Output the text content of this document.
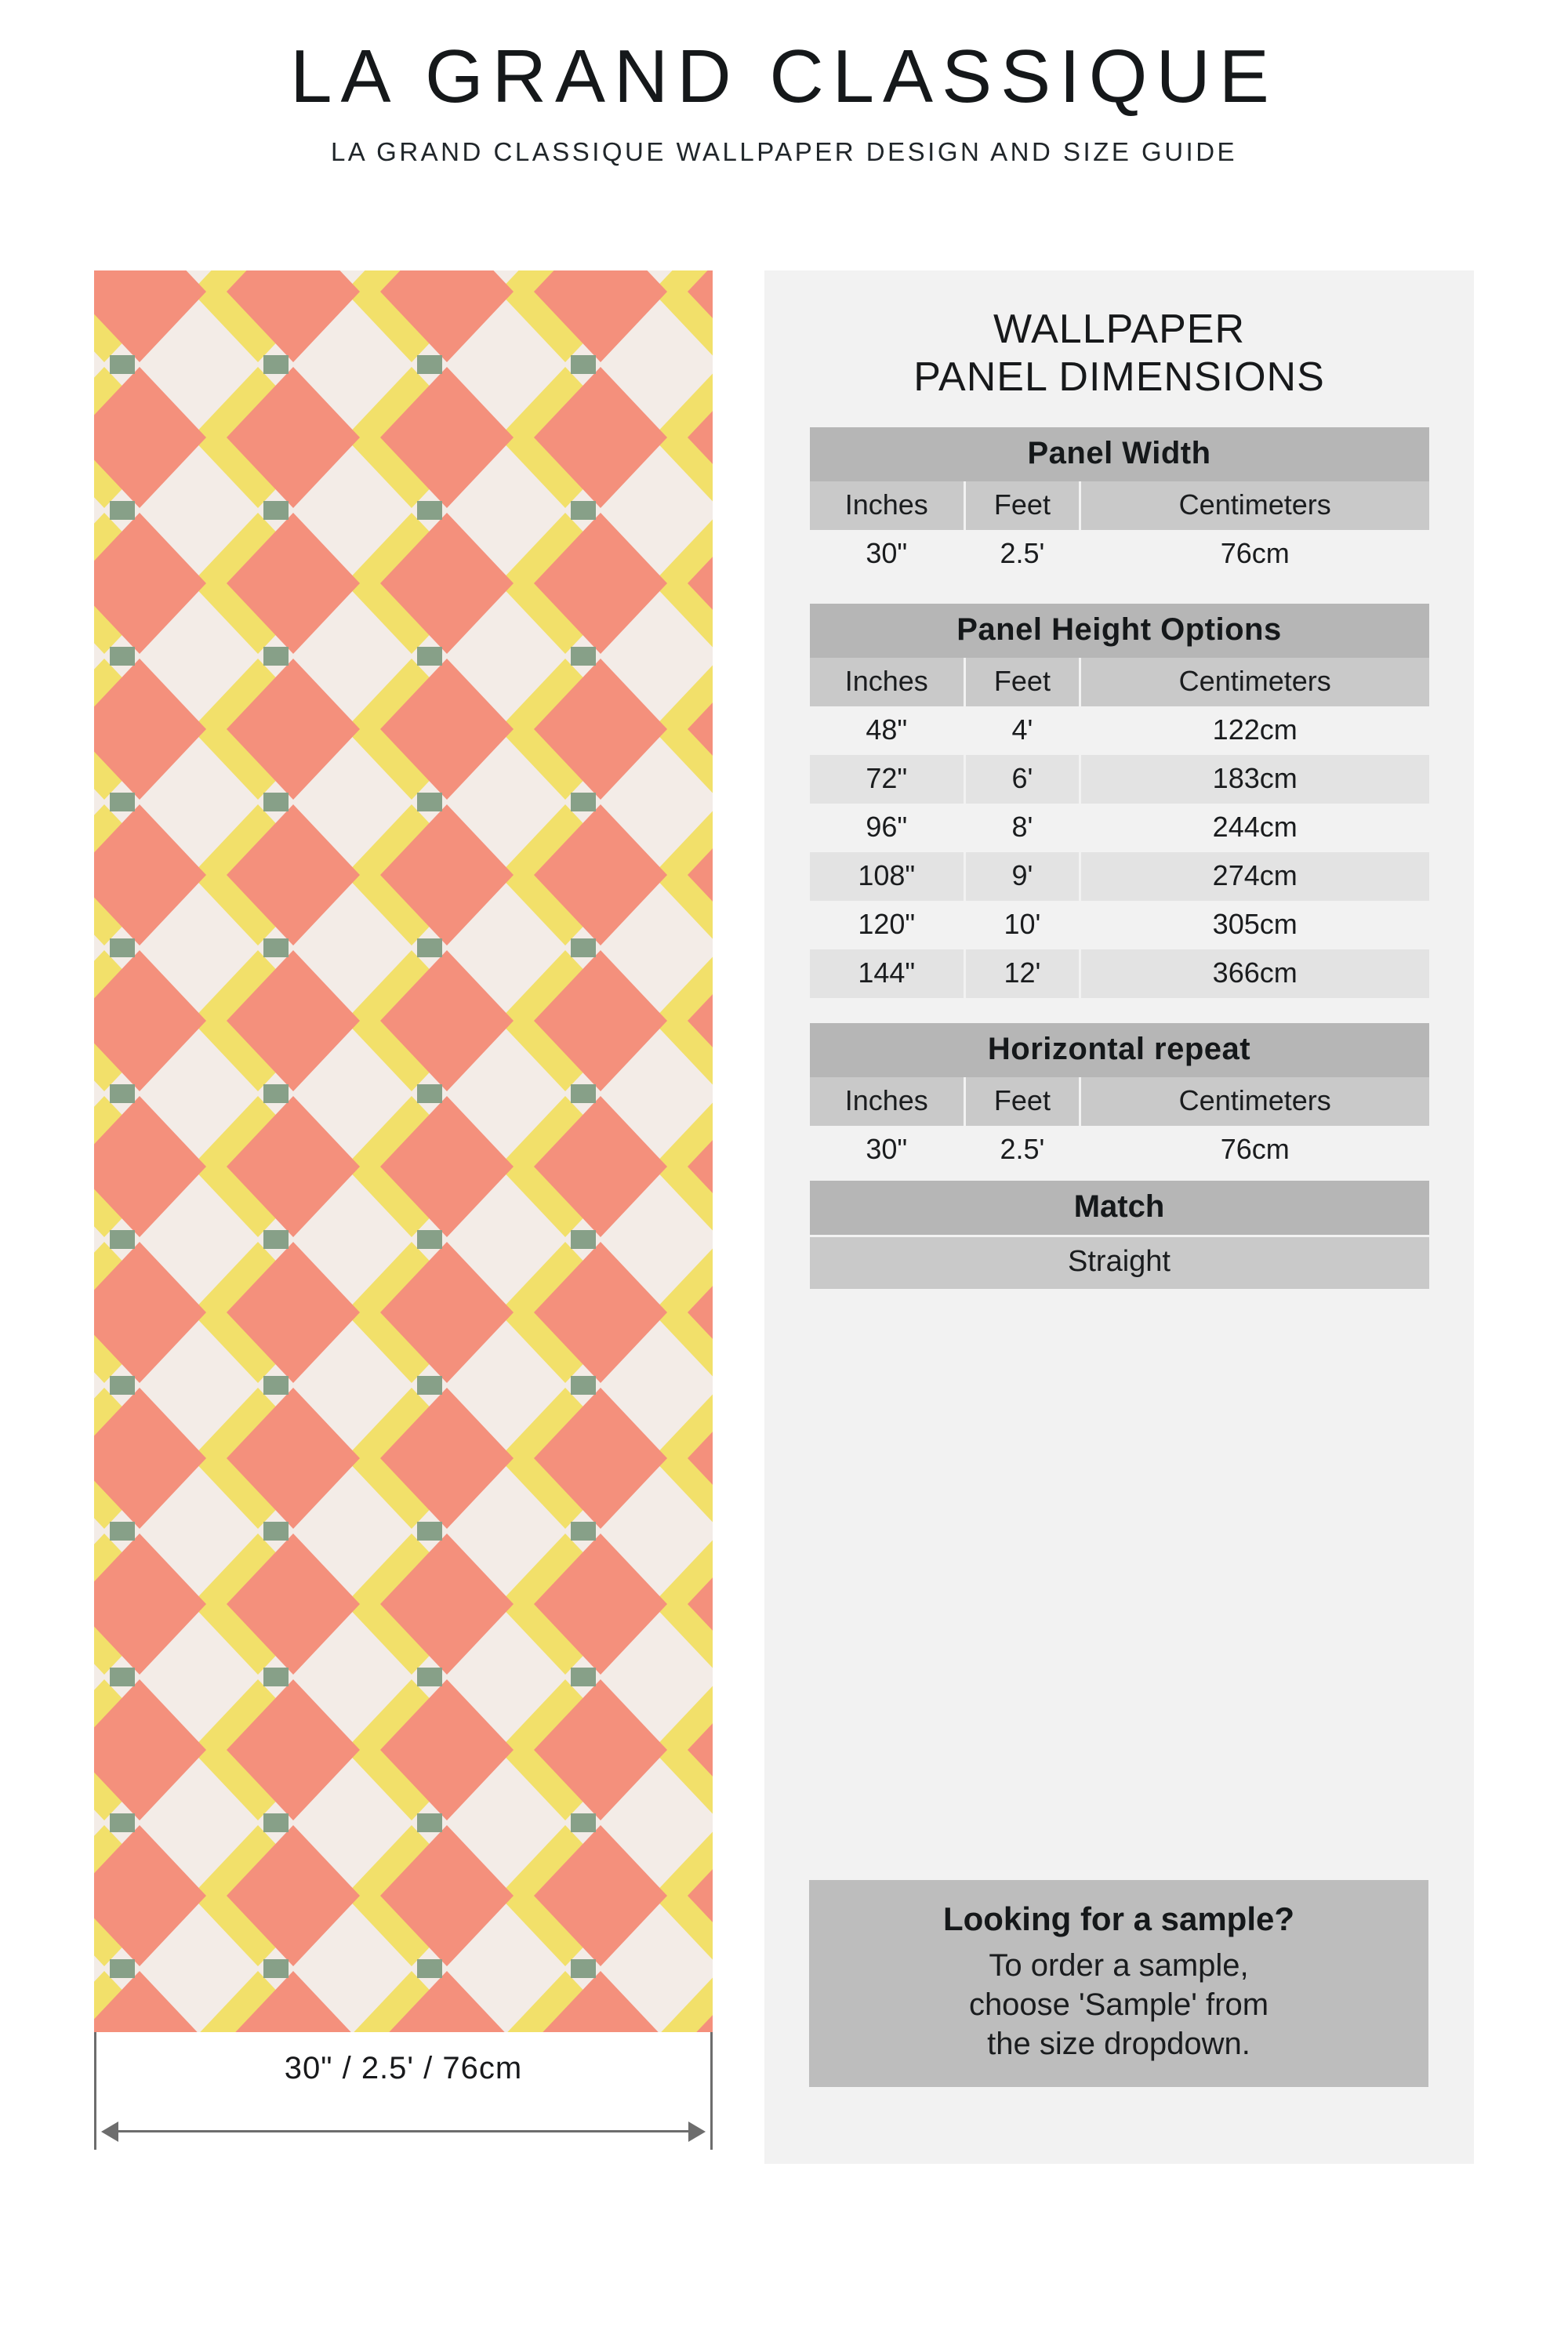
LA GRAND CLASSIQUE
LA GRAND CLASSIQUE WALLPAPER DESIGN AND SIZE GUIDE
30" / 2.5' / 76cm
WALLPAPER
PANEL DIMENSIONS
Panel Width
Inches	Feet	Centimeters
30"	2.5'	76cm
Panel Height Options
Inches	Feet	Centimeters
48"	4'	122cm
72"	6'	183cm
96"	8'	244cm
108"	9'	274cm
120"	10'	305cm
144"	12'	366cm
Horizontal repeat
Inches	Feet	Centimeters
30"	2.5'	76cm
Match
Straight
Looking for a sample?
To order a sample,
choose 'Sample' from
the size dropdown.
